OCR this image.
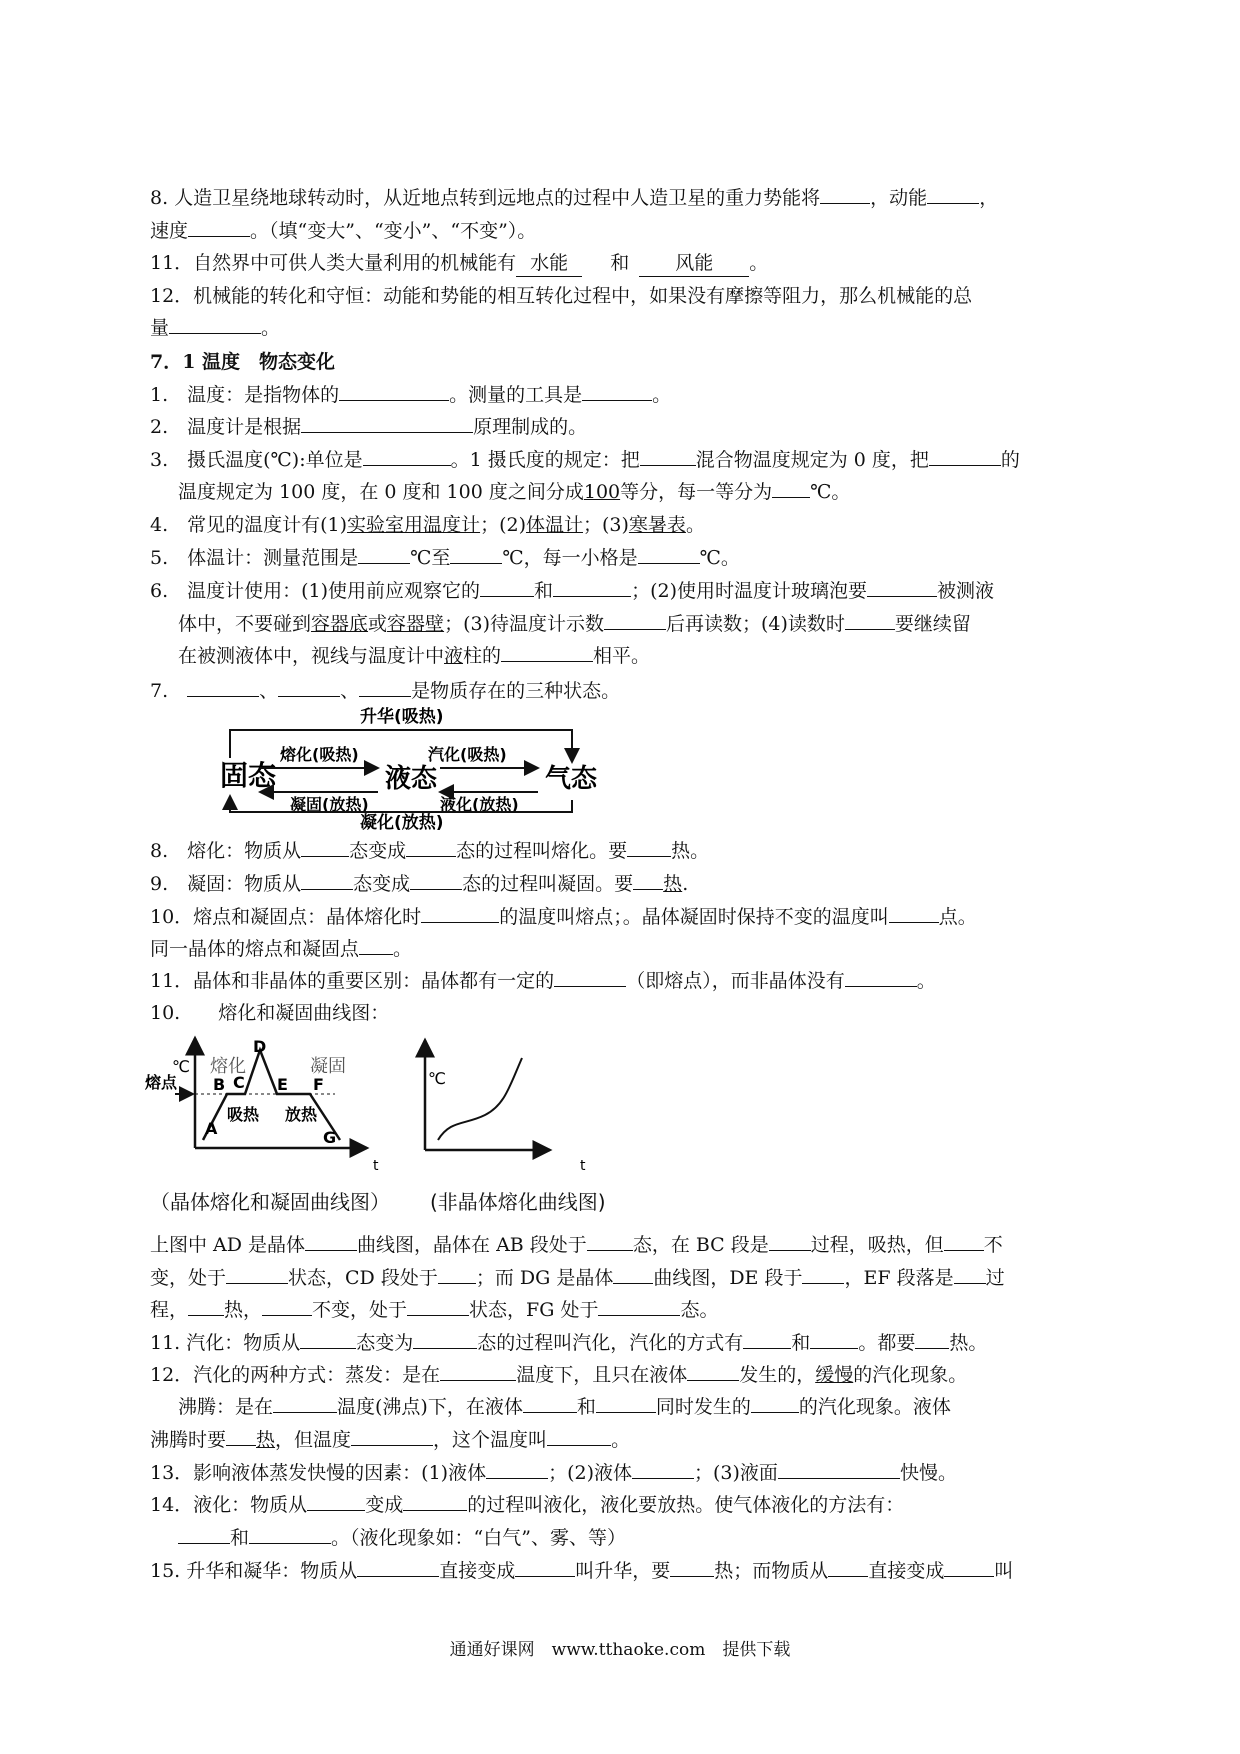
8. 人造卫星绕地球转动时，从近地点转到远地点的过程中人造卫星的重力势能将	，动能	，
速度	。（填“变大”、“变小”、“不变”）。
11．自然界中可供人类大量利用的机械能有 水能 和 风能 。
12．机械能的转化和守恒：动能和势能的相互转化过程中，如果没有摩擦等阻力，那么机械能的总
量	。
7．1 温度　物态变化
1.　温度：是指物体的	。测量的工具是	。
2.　温度计是根据	原理制成的。
3.　摄氏温度(℃):单位是	。1 摄氏度的规定：把	混合物温度规定为 0 度，把	的
温度规定为 100 度，在 0 度和 100 度之间分成100等分，每一等分为 ℃。
4.　常见的温度计有(1)实验室用温度计；(2)体温计；(3)寒暑表。
5.　体温计：测量范围是	℃至	℃，每一小格是	℃。
6.　温度计使用：(1)使用前应观察它的	和	；(2)使用时温度计玻璃泡要	被测液
体中，不要碰到容器底或容器壁；(3)待温度计示数	后再读数；(4)读数时	要继续留
在被测液体中，视线与温度计中液柱的	相平。
7.　	、	、	是物质存在的三种状态。
升华(吸热)
固态	液态	气态
熔化(吸热)	汽化(吸热)
凝固(放热)	液化(放热)
凝化(放热)
8.　熔化：物质从	态变成	态的过程叫熔化。要 热。
9.　凝固：物质从	态变成	态的过程叫凝固。要 热.
10．熔点和凝固点：晶体熔化时	的温度叫熔点；。晶体凝固时保持不变的温度叫	点。
同一晶体的熔点和凝固点 。
11．晶体和非晶体的重要区别：晶体都有一定的	（即熔点），而非晶体没有	。
10.　　熔化和凝固曲线图：
℃ 熔化	凝固
熔点
A
B C
D
E F
G
吸热 放热
t
℃
t
（晶体熔化和凝固曲线图） (非晶体熔化曲线图)
上图中 AD 是晶体	曲线图，晶体在 AB 段处于 态，在 BC 段是 过程，吸热，但 不
变，处于	状态，CD 段处于 ；而 DG 是晶体 曲线图，DE 段于 ，EF 段落是 过
程， 热，	不变，处于	状态，FG 处于	态。
11. 汽化：物质从	态变为	态的过程叫汽化，汽化的方式有	和	。都要 热。
12．汽化的两种方式：蒸发：是在	温度下，且只在液体	发生的，缓慢的汽化现象。
沸腾：是在	温度(沸点)下，在液体	和	同时发生的	的汽化现象。液体
沸腾时要 热，但温度	，这个温度叫	。
13．影响液体蒸发快慢的因素：(1)液体	；(2)液体	；(3)液面	快慢。
14．液化：物质从	变成	的过程叫液化，液化要放热。使气体液化的方法有：
和	。（液化现象如：“白气”、雾、等）
15. 升华和凝华：物质从	直接变成	叫升华，要 热；而物质从 直接变成	叫
通通好课网　www.tthaoke.com　提供下载
